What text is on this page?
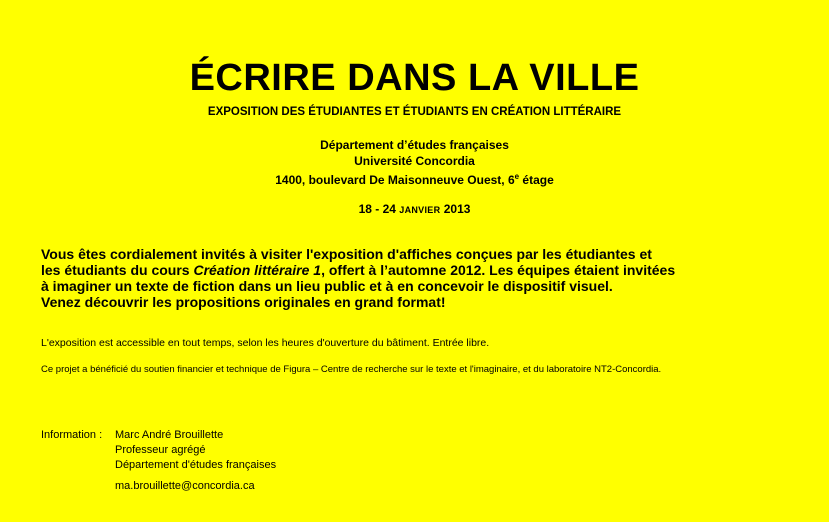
ÉCRIRE DANS LA VILLE
EXPOSITION DES ÉTUDIANTES ET ÉTUDIANTS EN CRÉATION LITTÉRAIRE
Département d’études françaises
Université Concordia
1400, boulevard De Maisonneuve Ouest, 6e étage
18 - 24 JANVIER 2013
Vous êtes cordialement invités à visiter l'exposition d'affiches conçues par les étudiantes et
les étudiants du cours Création littéraire 1, offert à l’automne 2012. Les équipes étaient invitées
à imaginer un texte de fiction dans un lieu public et à en concevoir le dispositif visuel.
Venez découvrir les propositions originales en grand format!
L'exposition est accessible en tout temps, selon les heures d'ouverture du bâtiment. Entrée libre.
Ce projet a bénéficié du soutien financier et technique de Figura – Centre de recherche sur le texte et l'imaginaire, et du laboratoire NT2-Concordia.
Information :	Marc André Brouillette
Professeur agrégé
Département d'études françaises
ma.brouillette@concordia.ca
